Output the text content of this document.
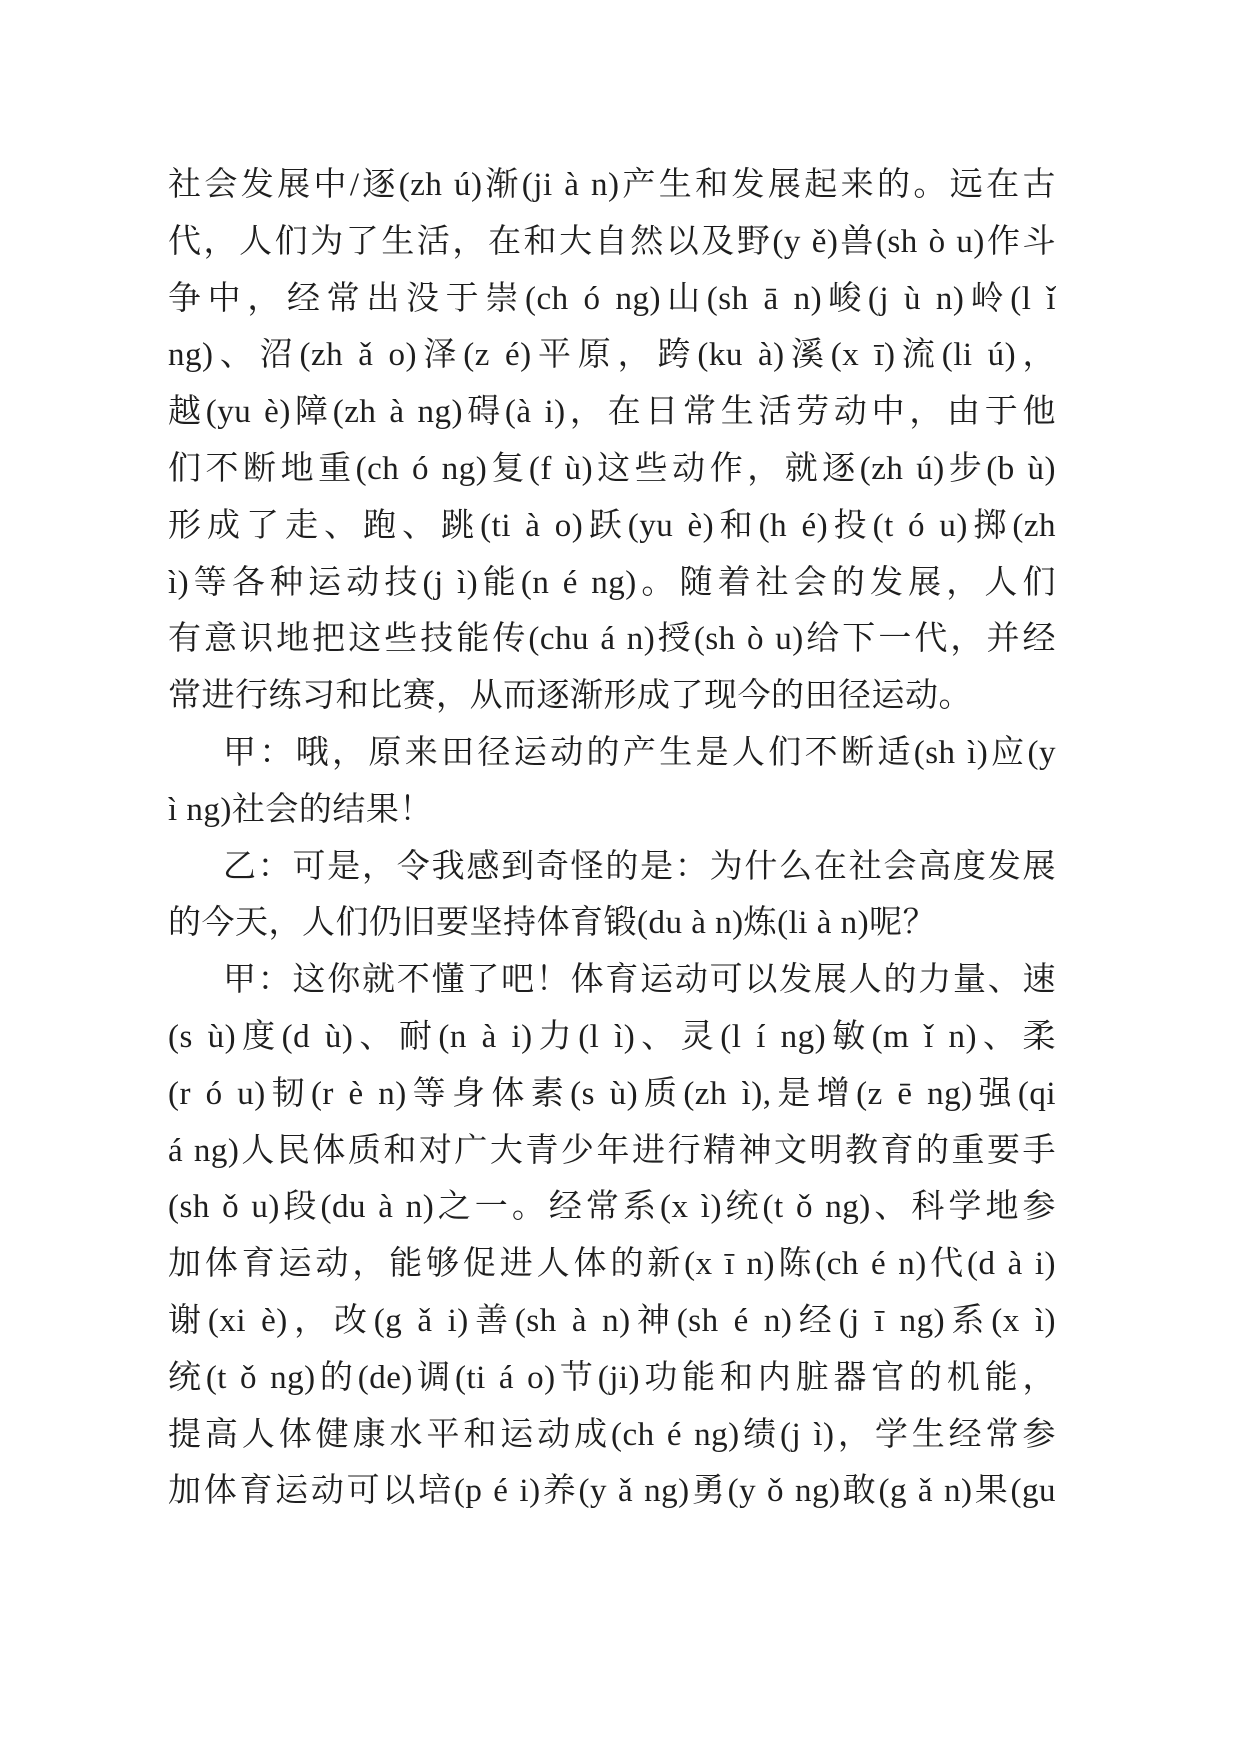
社会发展中/逐(zh ú)渐(ji à n)产生和发展起来的。远在古
代，人们为了生活，在和大自然以及野(y ě)兽(sh ò u)作斗
争中，经常出没于崇(ch ó ng)山(sh ā n)峻(j ù n)岭(l ǐ
ng)、沼(zh ǎ o)泽(z é)平原，跨(ku à)溪(x ī)流(li ú)，
越(yu è)障(zh à ng)碍(à i)，在日常生活劳动中，由于他
们不断地重(ch ó ng)复(f ù)这些动作，就逐(zh ú)步(b ù)
形成了走、跑、跳(ti à o)跃(yu è)和(h é)投(t ó u)掷(zh
ì)等各种运动技(j ì)能(n é ng)。随着社会的发展，人们
有意识地把这些技能传(chu á n)授(sh ò u)给下一代，并经
常进行练习和比赛，从而逐渐形成了现今的田径运动。
甲：哦，原来田径运动的产生是人们不断适(sh ì)应(y
ì ng)社会的结果！
乙：可是，令我感到奇怪的是：为什么在社会高度发展
的今天，人们仍旧要坚持体育锻(du à n)炼(li à n)呢？
甲：这你就不懂了吧！体育运动可以发展人的力量、速
(s ù)度(d ù)、耐(n à i)力(l ì)、灵(l í ng)敏(m ǐ n)、柔
(r ó u)韧(r è n)等身体素(s ù)质(zh ì),是增(z ē ng)强(qi
á ng)人民体质和对广大青少年进行精神文明教育的重要手
(sh ǒ u)段(du à n)之一。经常系(x ì)统(t ǒ ng)、科学地参
加体育运动，能够促进人体的新(x ī n)陈(ch é n)代(d à i)
谢(xi è)，改(g ǎ i)善(sh à n)神(sh é n)经(j ī ng)系(x ì)
统(t ǒ ng)的(de)调(ti á o)节(ji)功能和内脏器官的机能，
提高人体健康水平和运动成(ch é ng)绩(j ì)，学生经常参
加体育运动可以培(p é i)养(y ǎ ng)勇(y ǒ ng)敢(g ǎ n)果(gu
